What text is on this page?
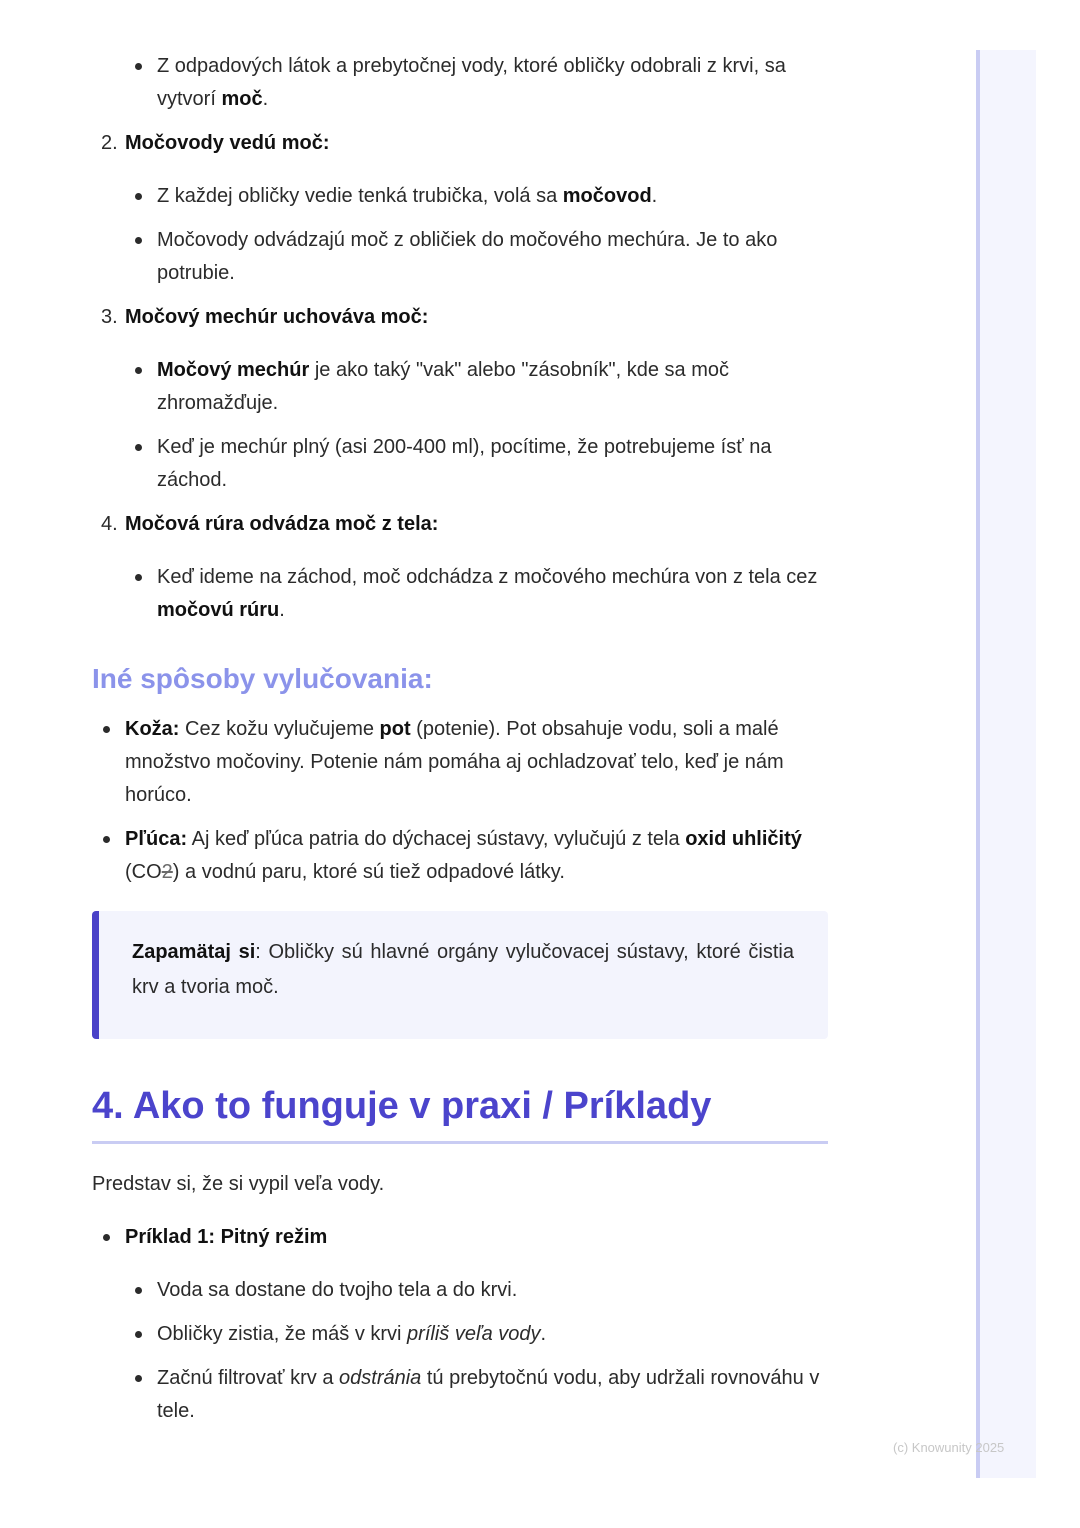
Z odpadových látok a prebytočnej vody, ktoré obličky odobrali z krvi, sa vytvorí moč.
2. Močovody vedú moč:
Z každej obličky vedie tenká trubička, volá sa močovod.
Močovody odvádzajú moč z obličiek do močového mechúra. Je to ako potrubie.
3. Močový mechúr uchováva moč:
Močový mechúr je ako taký "vak" alebo "zásobník", kde sa moč zhromažďuje.
Keď je mechúr plný (asi 200-400 ml), pocítime, že potrebujeme ísť na záchod.
4. Močová rúra odvádza moč z tela:
Keď ideme na záchod, moč odchádza z močového mechúra von z tela cez močovú rúru.
Iné spôsoby vylučovania:
Koža: Cez kožu vylučujeme pot (potenie). Pot obsahuje vodu, soli a malé množstvo močoviny. Potenie nám pomáha aj ochladzovať telo, keď je nám horúco.
Pľúca: Aj keď pľúca patria do dýchacej sústavy, vylučujú z tela oxid uhličitý (CO2) a vodnú paru, ktoré sú tiež odpadové látky.
Zapamätaj si: Obličky sú hlavné orgány vylučovacej sústavy, ktoré čistia krv a tvoria moč.
4. Ako to funguje v praxi / Príklady

Predstav si, že si vypil veľa vody.

Príklad 1: Pitný režim
Voda sa dostane do tvojho tela a do krvi.
Obličky zistia, že máš v krvi príliš veľa vody.
Začnú filtrovať krv a odstránia tú prebytočnú vodu, aby udržali rovnováhu v tele.
(c) Knowunity 2025
